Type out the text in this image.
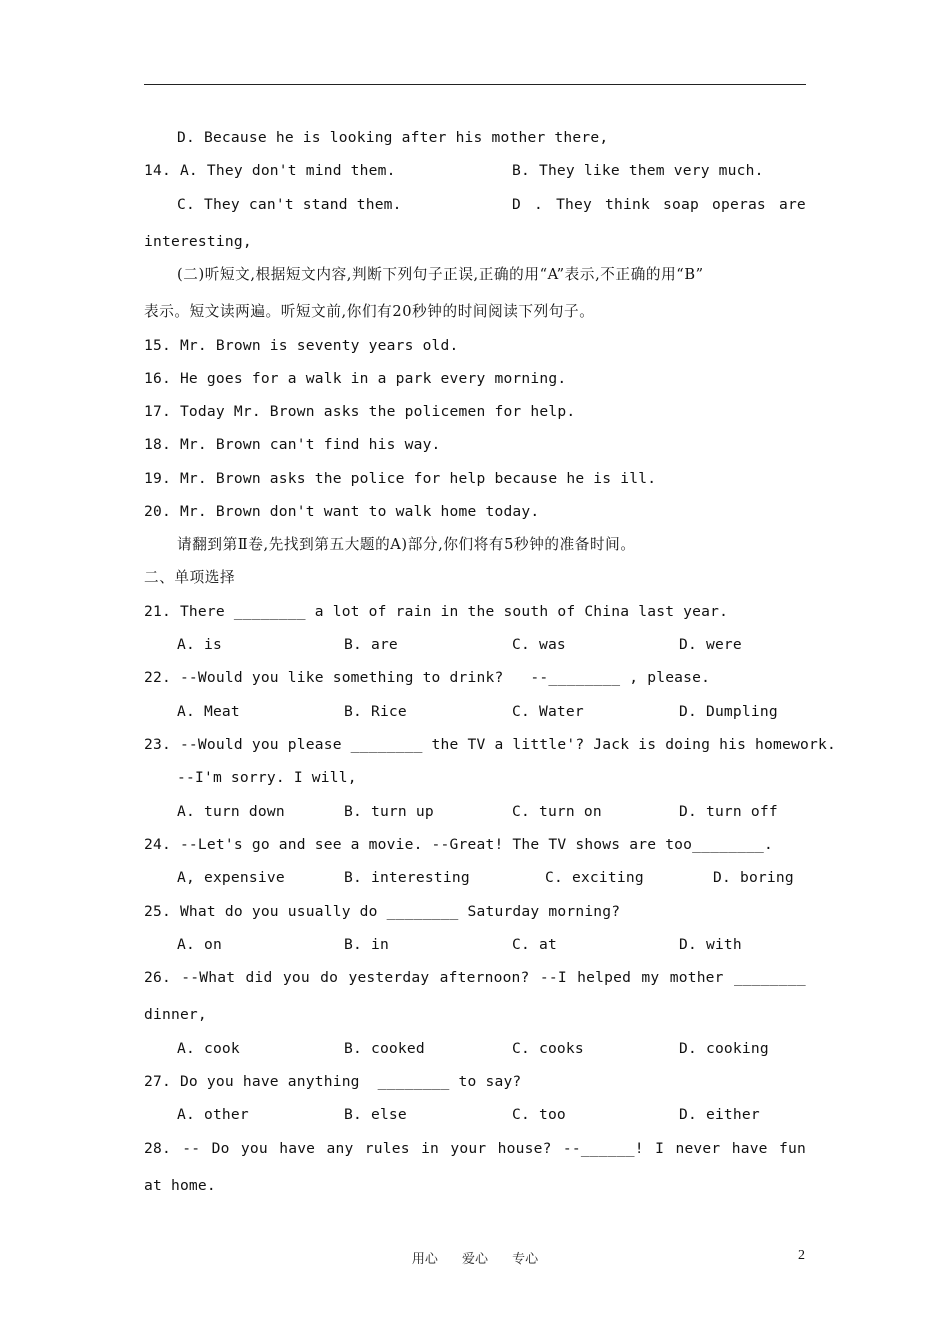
D. Because he is looking after his mother there,

14. A. They don't mind them.

	B. They like them very much.

C. They can't stand them.

	D . They think soap operas are

interesting,
(二)听短文,根据短文内容,判断下列句子正误,正确的用“A”表示,不正确的用“B”
表示。短文读两遍。听短文前,你们有20秒钟的时间阅读下列句子。
15. Mr. Brown is seventy years old.
16. He goes for a walk in a park every morning.
17. Today Mr. Brown asks the policemen for help.
18. Mr. Brown can't find his way.
19. Mr. Brown asks the police for help because he is ill.
20. Mr. Brown don't want to walk home today.
请翻到第Ⅱ卷,先找到第五大题的A)部分,你们将有5秒钟的准备时间。
二、单项选择
21. There ________ a lot of rain in the south of China last year.

A. is

	B. are

	C. was

	D. were

22. --Would you like something to drink?   --________ , please.

A. Meat

	B. Rice

	C. Water

	D. Dumpling

23. --Would you please ________ the TV a little'? Jack is doing his homework.
--I'm sorry. I will,

A. turn down

	B. turn up

	C. turn on

	D. turn off

24. --Let's go and see a movie. --Great! The TV shows are too________.

A, expensive

	B. interesting

	C. exciting

	D. boring

25. What do you usually do ________ Saturday morning?

A. on

	B. in

	C. at

	D. with

26. --What did you do yesterday afternoon? --I helped my mother ________
dinner,

A. cook

	B. cooked

	C. cooks

	D. cooking

27. Do you have anything  ________ to say?

A. other

	B. else

	C. too

	D. either

28. -- Do you have any rules in your house? --______! I never have fun
at home.
用心 爱心 专心	2
